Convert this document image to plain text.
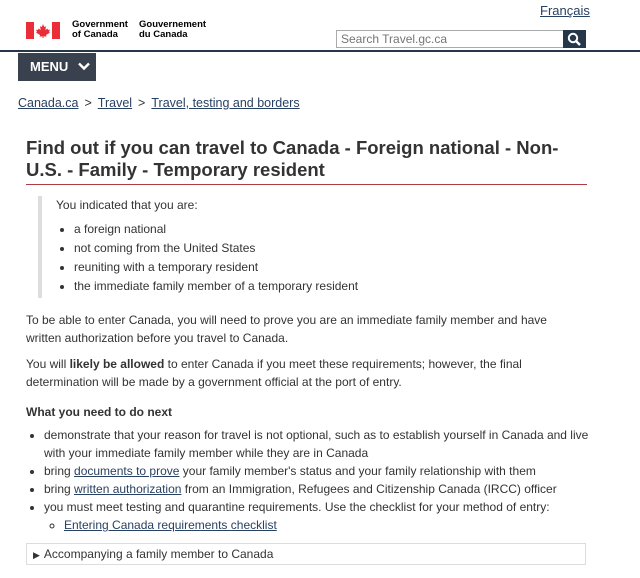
Français
Government
of Canada
Gouvernement
du Canada
Search Travel.gc.ca
MENU
Canada.ca > Travel > Travel, testing and borders
Find out if you can travel to Canada - Foreign national - Non-U.S. - Family - Temporary resident
You indicated that you are:
• a foreign national
• not coming from the United States
• reuniting with a temporary resident
• the immediate family member of a temporary resident

To be able to enter Canada, you will need to prove you are an immediate family member and have written authorization before you travel to Canada.

You will likely be allowed to enter Canada if you meet these requirements; however, the final determination will be made by a government official at the port of entry.

What you need to do next
• demonstrate that your reason for travel is not optional, such as to establish yourself in Canada and live with your immediate family member while they are in Canada
• bring documents to prove your family member's status and your family relationship with them
• bring written authorization from an Immigration, Refugees and Citizenship Canada (IRCC) officer
• you must meet testing and quarantine requirements. Use the checklist for your method of entry:
◦ Entering Canada requirements checklist
▶ Accompanying a family member to Canada
